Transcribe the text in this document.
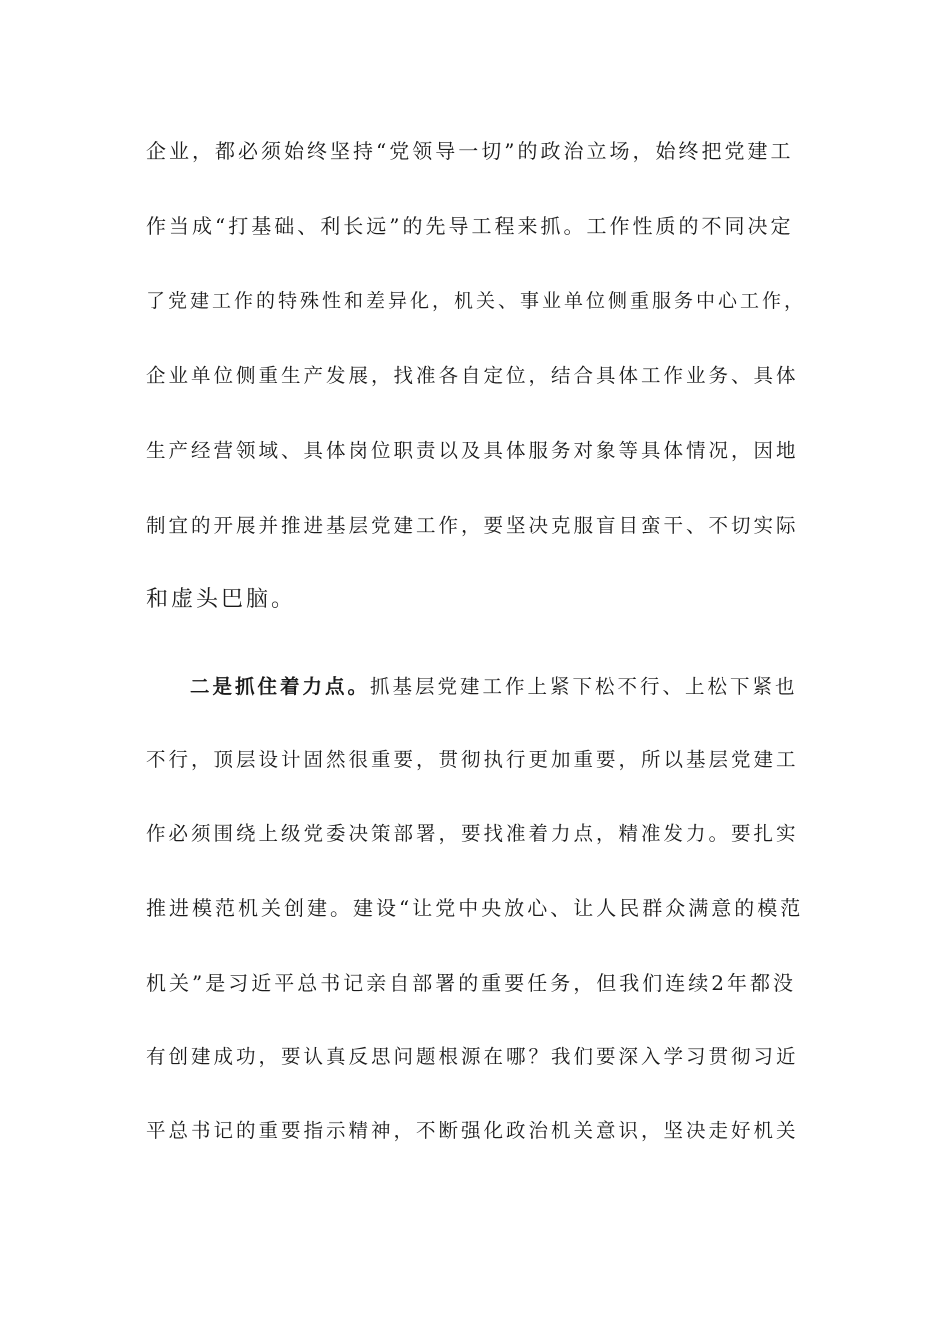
企业，都必须始终坚持“党领导一切”的政治立场，始终把党建工
作当成“打基础、利长远”的先导工程来抓。工作性质的不同决定
了党建工作的特殊性和差异化，机关、事业单位侧重服务中心工作，
企业单位侧重生产发展，找准各自定位，结合具体工作业务、具体
生产经营领域、具体岗位职责以及具体服务对象等具体情况，因地
制宜的开展并推进基层党建工作，要坚决克服盲目蛮干、不切实际
和虚头巴脑。
二是抓住着力点。抓基层党建工作上紧下松不行、上松下紧也
不行，顶层设计固然很重要，贯彻执行更加重要，所以基层党建工
作必须围绕上级党委决策部署，要找准着力点，精准发力。要扎实
推进模范机关创建。建设“让党中央放心、让人民群众满意的模范
机关”是习近平总书记亲自部署的重要任务，但我们连续2年都没
有创建成功，要认真反思问题根源在哪？我们要深入学习贯彻习近
平总书记的重要指示精神，不断强化政治机关意识，坚决走好机关
